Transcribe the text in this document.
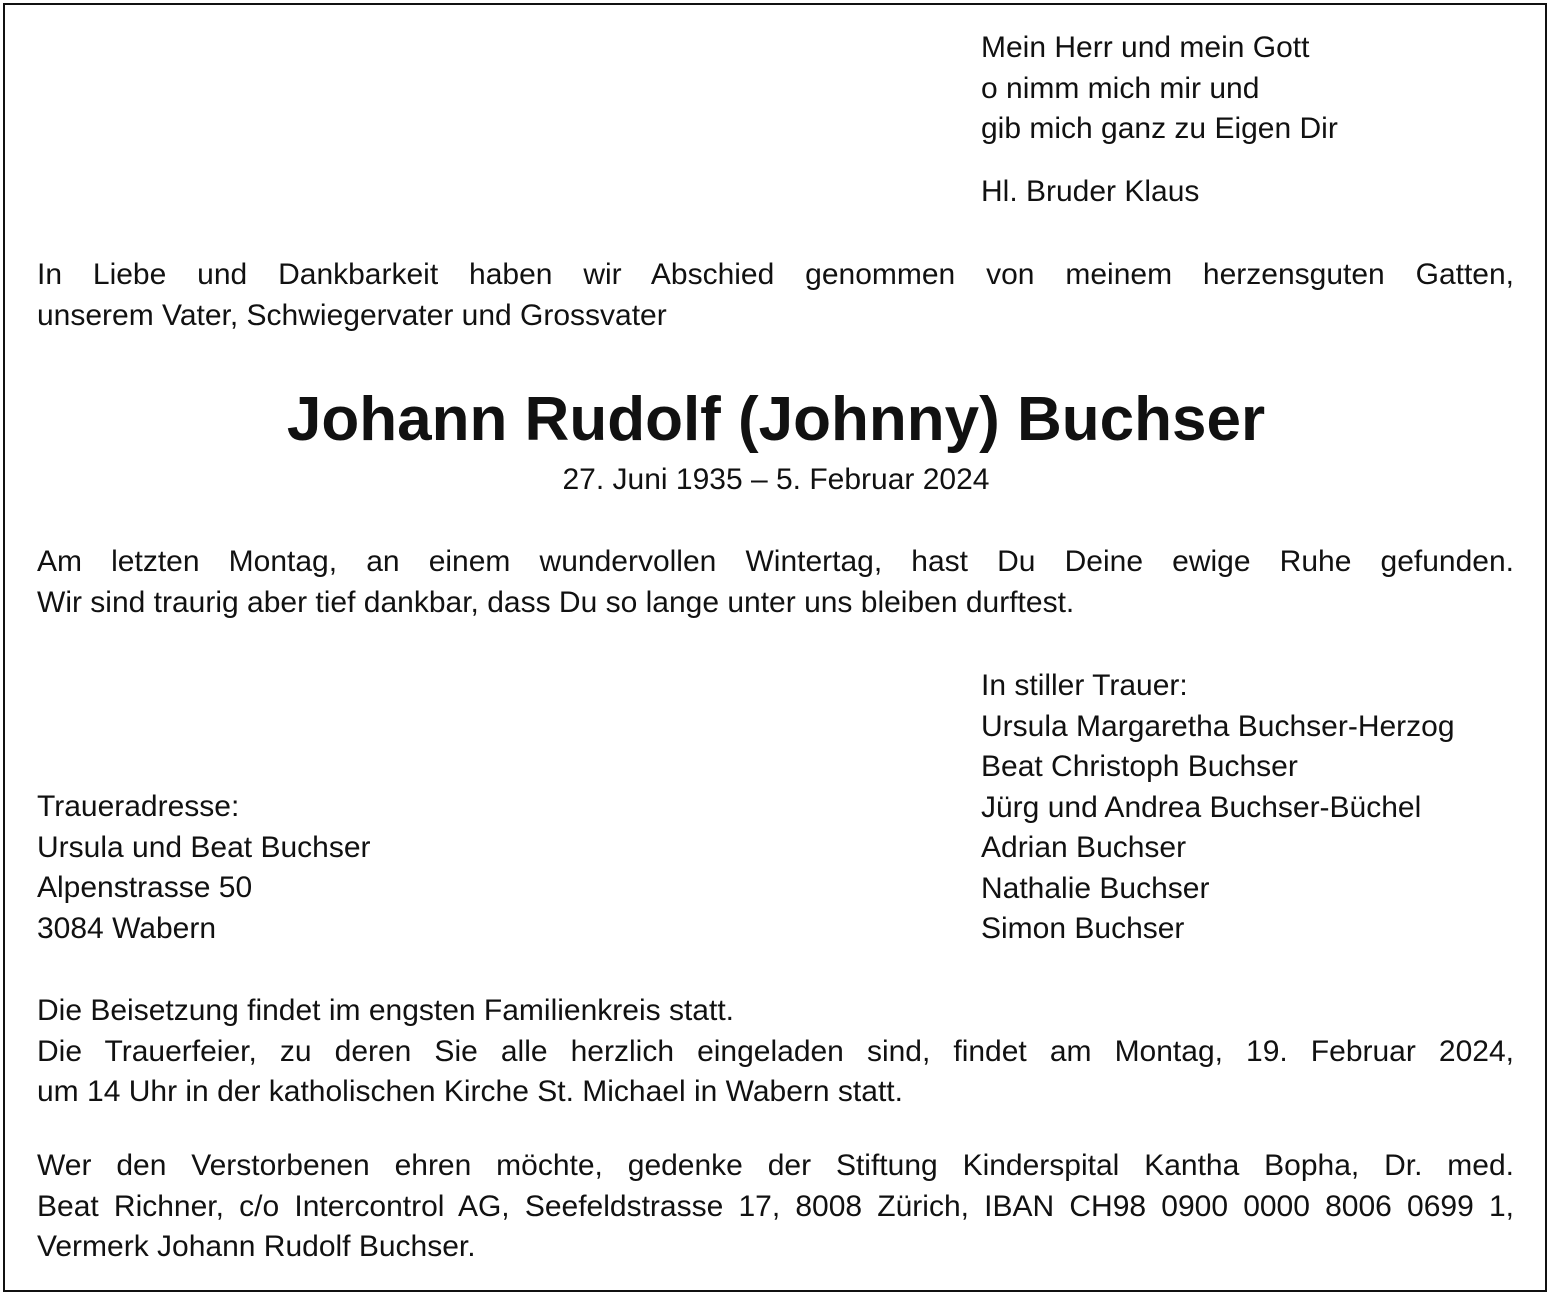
Mein Herr und mein Gott
o nimm mich mir und
gib mich ganz zu Eigen Dir
Hl. Bruder Klaus
In Liebe und Dankbarkeit haben wir Abschied genommen von meinem herzensguten Gatten,
unserem Vater, Schwiegervater und Grossvater
Johann Rudolf (Johnny) Buchser
27. Juni 1935 – 5. Februar 2024
Am letzten Montag, an einem wundervollen Wintertag, hast Du Deine ewige Ruhe gefunden.
Wir sind traurig aber tief dankbar, dass Du so lange unter uns bleiben durftest.
In stiller Trauer:
Ursula Margaretha Buchser-Herzog
Beat Christoph Buchser
Jürg und Andrea Buchser-Büchel
Adrian Buchser
Nathalie Buchser
Simon Buchser
Traueradresse:
Ursula und Beat Buchser
Alpenstrasse 50
3084 Wabern
Die Beisetzung findet im engsten Familienkreis statt.
Die Trauerfeier, zu deren Sie alle herzlich eingeladen sind, findet am Montag, 19. Februar 2024,
um 14 Uhr in der katholischen Kirche St. Michael in Wabern statt.
Wer den Verstorbenen ehren möchte, gedenke der Stiftung Kinderspital Kantha Bopha, Dr. med.
Beat Richner, c/o Intercontrol AG, Seefeldstrasse 17, 8008 Zürich, IBAN CH98 0900 0000 8006 0699 1,
Vermerk Johann Rudolf Buchser.
